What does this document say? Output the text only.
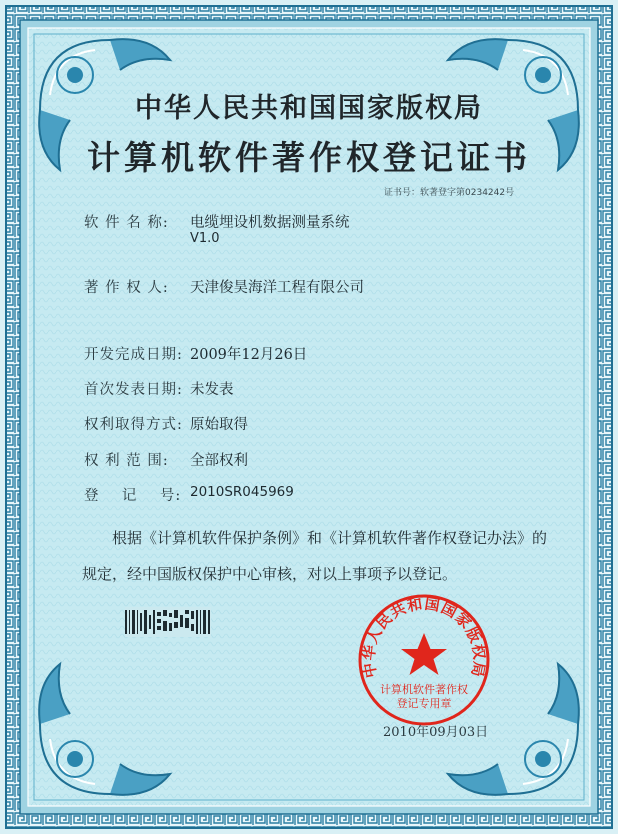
中华人民共和国国家版权局
计算机软件著作权登记证书
证书号：软著登字第0234242号
软 件 名 称: 电缆埋设机数据测量系统
V1.0
著 作 权 人: 天津俊昊海洋工程有限公司
开发完成日期: 2009年12月26日
首次发表日期: 未发表
权利取得方式: 原始取得
权 利 范 围: 全部权利
登    记    号: 2010SR045969
根据《计算机软件保护条例》和《计算机软件著作权登记办法》的
规定，经中国版权保护中心审核，对以上事项予以登记。
中华人民共和国国家版权局
计算机软件著作权
登记专用章
2010年09月03日
